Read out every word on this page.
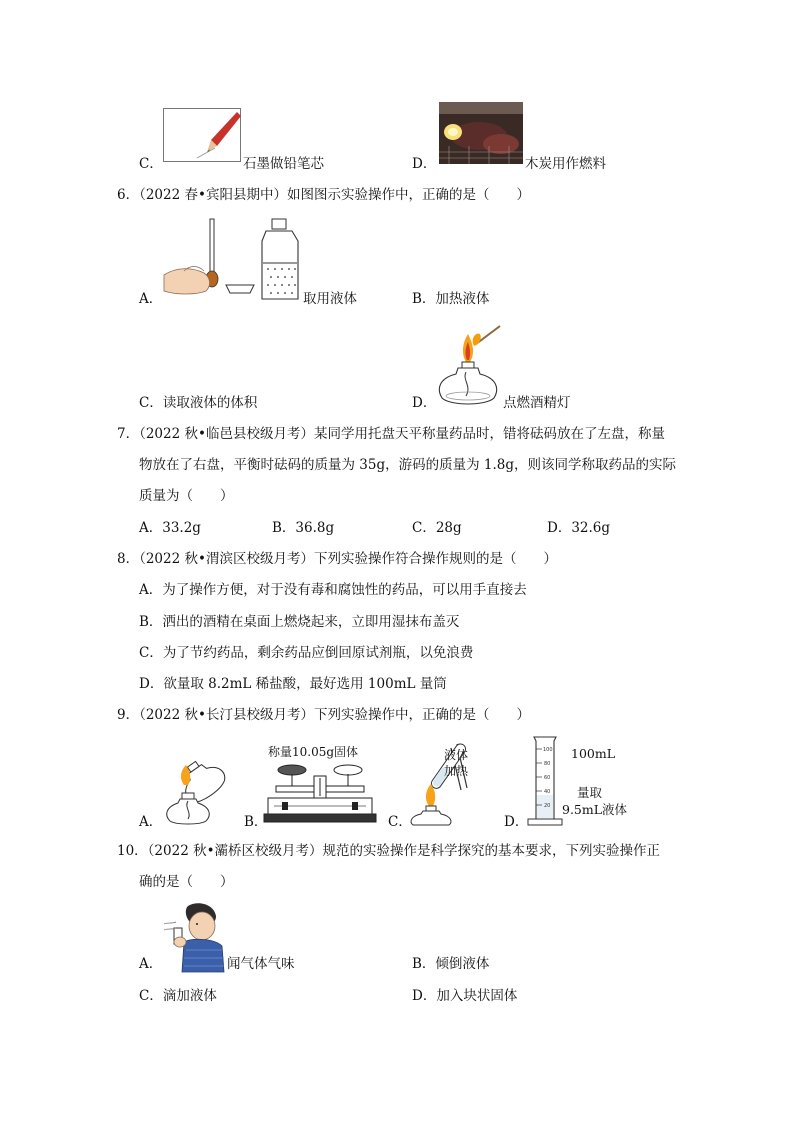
C．	石墨做铅笔芯	D．	木炭用作燃料
6．（2022 春•宾阳县期中）如图图示实验操作中，正确的是（　　）
A．	取用液体	B．加热液体
C．读取液体的体积	D．	点燃酒精灯
7．（2022 秋•临邑县校级月考）某同学用托盘天平称量药品时，错将砝码放在了左盘，称量
物放在了右盘，平衡时砝码的质量为 35g，游码的质量为 1.8g，则该同学称取药品的实际
质量为（　　）
A．33.2g	B．36.8g	C．28g	D．32.6g
8．（2022 秋•渭滨区校级月考）下列实验操作符合操作规则的是（　　）
A．为了操作方便，对于没有毒和腐蚀性的药品，可以用手直接去
B．洒出的酒精在桌面上燃烧起来，立即用湿抹布盖灭
C．为了节约药品，剩余药品应倒回原试剂瓶，以免浪费
D．欲量取 8.2mL 稀盐酸，最好选用 100mL 量筒
9．（2022 秋•长汀县校级月考）下列实验操作中，正确的是（　　）
A．
称量10.05g固体
B．
液体
加热
C．
100
80
60
40
20
100mL
量取
9.5mL液体
D．
10．（2022 秋•灞桥区校级月考）规范的实验操作是科学探究的基本要求，下列实验操作正
确的是（　　）
A．	闻气体气味	B．倾倒液体
C．滴加液体	D．加入块状固体
